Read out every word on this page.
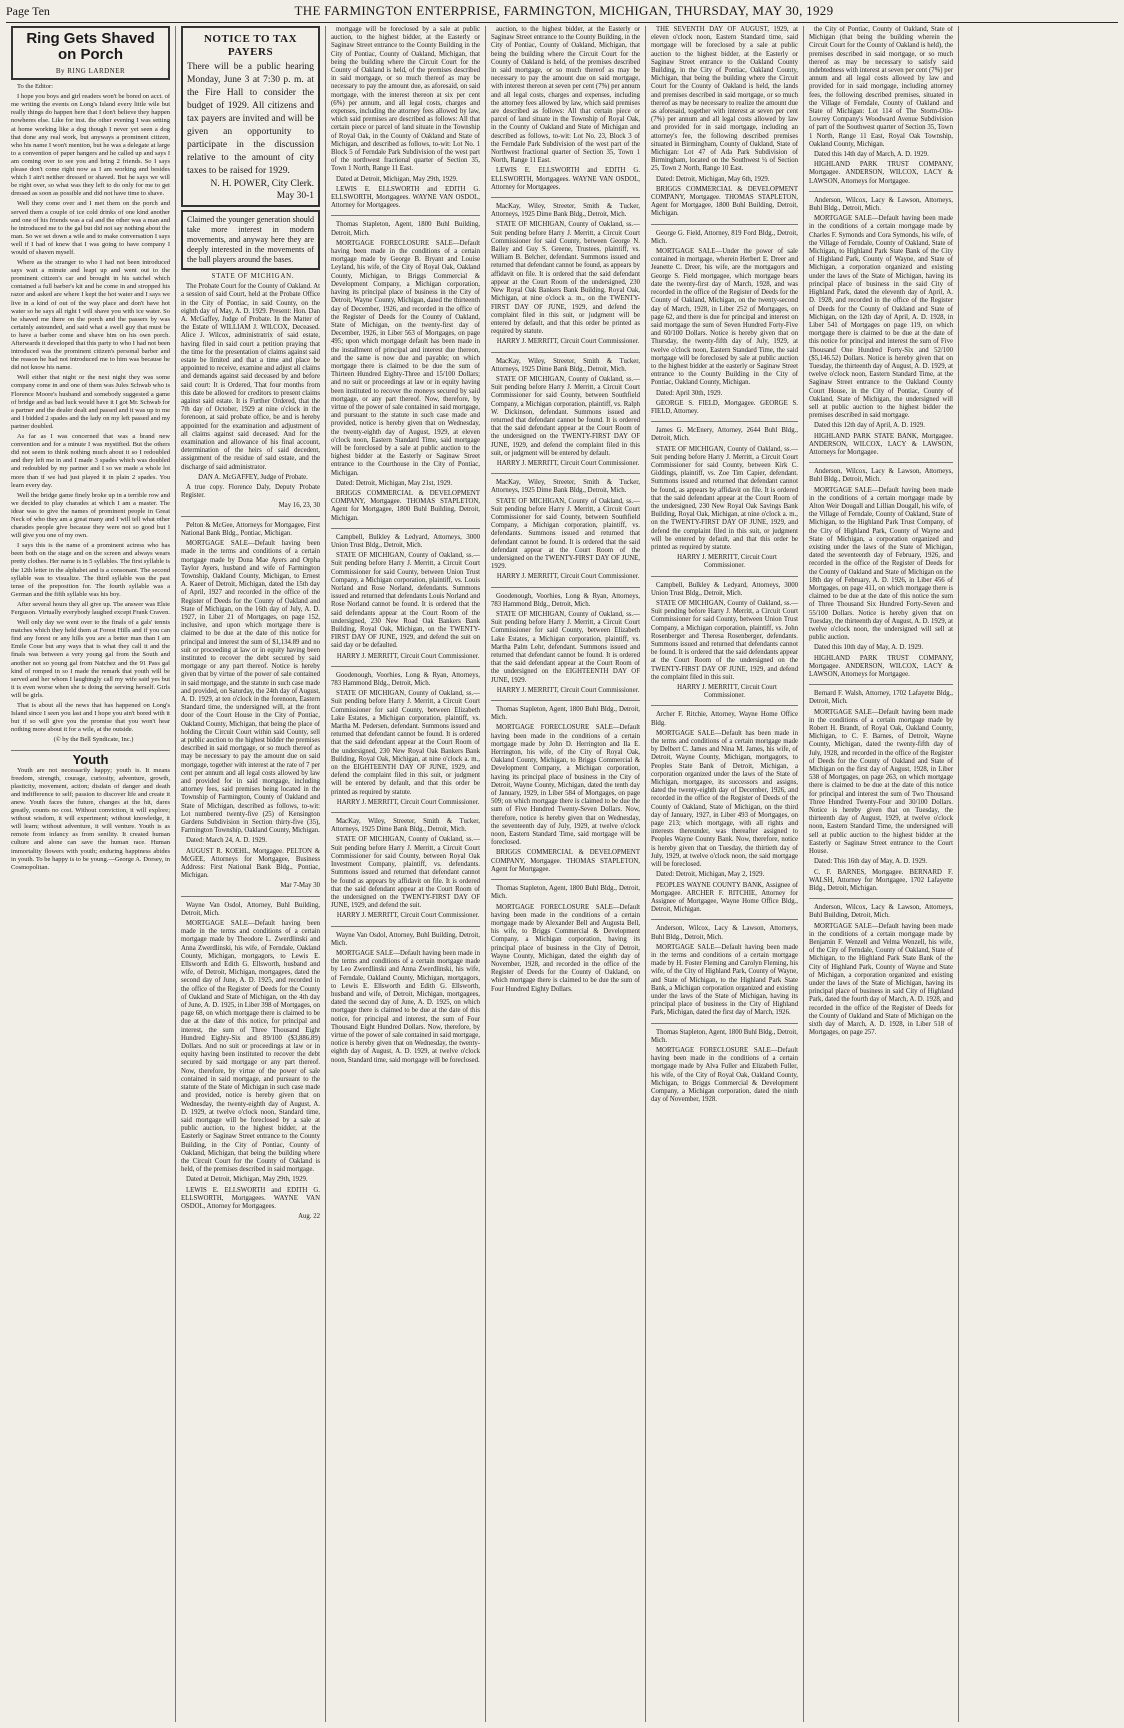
Page Ten	THE FARMINGTON ENTERPRISE, FARMINGTON, MICHIGAN, THURSDAY, MAY 30, 1929
Ring Gets Shaved on Porch
By RING LARDNER

To the Editor:

I hope you boys and girl readers won't be bored on acct. of me writing the events on Long's Island every little wile but really things do happen here that I don't believe they happen nowheres else. Like for inst. the other evening I was setting at home working like a dog though I never yet seen a dog that done any real work, but anyways a prominent citizen, who his name I won't mention, but he was a delegate at large to a convention of paper hangers and he called up and says I am coming over to see you and bring 2 friends. So I says please don't come right now as I am working and besides which I ain't neither dressed or shaved. But he says we will be right over, so what was they left to do only for me to get dressed as soon as possible and did not have time to shave.

Well they come over and I met them on the porch and served them a couple of ice cold drinks of one kind another and one of his friends was a cal and the other was a man and he introduced me to the gal but did not say nothing about the man. So we set down a wile and to make conversation I says well if I had of knew that I was going to have company I would of shaven myself.

Where as the stranger to who I had not been introduced says wait a minute and leapt up and went out to the prominent citizen's car and brought in his satchel which contained a full barber's kit and he come in and stropped his razor and asked are where I kept the hot water and I says we live in a kind of out of the way place and don't have hot water so he says all right I will shave you with ice water. So he shaved me there on the porch and the passers by was certainly astounded, and said what a swell guy that must be to have a barber come and shave him on his own porch. Afterwards it developed that this party to who I had not been introduced was the prominent citizen's personal barber and the reason he had not introduced me to him was because he did not know his name.

Well either that night or the next night they was some company come in and one of them was Jules Schwab who is Florence Moore's husband and somebody suggested a game of bridge and as bad luck would have it I got Mr. Schwab for a partner and the dealer dealt and passed and it was up to me and I bidded 2 spades and the lady on my left passed and my partner doubled.

As far as I was concerned that was a brand new convention and for a minute I was mystified. But the others did not seem to think nothing much about it so I redoubled and they left me in and I made 3 spades which was doubled and redoubled by my partner and I so we made a whole lot more than if we had just played it in plain 2 spades. You learn every day.

Well the bridge game finely broke up in a terrible row and we decided to play charades at which I am a master. The idear was to give the names of prominent people in Great Neck of who they am a great many and I will tell what other charades people give because they were not so good but I will give you one of my own.

I says this is the name of a prominent actress who has been both on the stage and on the screen and always wears pretty clothes. Her name is in 5 syllables. The first syllable is the 12th letter in the alphabet and is a consonant. The second syllable was to visualize. The third syllable was the past tense of the preposition for. The fourth syllable was a German and the fifth syllable was his boy.

After several hours they all give up. The answer was Elsie Ferguson. Virtually everybody laughed except Frank Craven.

Well only day we went over to the finals of a gals' tennis matches which they held them at Forest Hills and if you can find any forest or any hills you are a better man than I am Emile Coue but any ways that is what they call it and the finals was between a very young gal from the South and another not so young gal from Natchez and the 91 Pass gal kind of romped in so I made the remark that youth will be served and her whom I laughingly call my wife said yes but it is even worse when she is doing the serving herself. Girls will be girls.

That is about all the news that has happened on Long's Island since I seen you last and I hope you ain't bored with it but if so will give you the promise that you won't hear nothing more about it for a wile, at the outside.

(© by the Bell Syndicate, Inc.)

Youth

Youth are not necessarily happy; youth is. It means freedom, strength, courage, curiosity, adventure, growth, plasticity, movement, action; disdain of danger and death and indifference to self; passion to discover life and create it anew. Youth faces the future, changes at the hit, dares greatly, counts no cost. Without conviction, it will explore; without wisdom, it will experiment; without knowledge, it will learn; without adventure, it will venture. Youth is as remote from infancy as from senility. It created human culture and alone can save the human race. Human immortality flowers with youth; enduring happiness abides in youth. To be happy is to be young.—George A. Dorsey, in Cosmopolitan.

NOTICE TO TAX PAYERS
There will be a public hearing Monday, June 3 at 7:30 p. m. at the Fire Hall to consider the budget of 1929. All citizens and tax payers are invited and will be given an opportunity to participate in the discussion relative to the amount of city taxes to be raised for 1929.
N. H. POWER, City Clerk.
May 30-1
Claimed the younger generation should take more interest in modern movements, and anyway here they are deeply interested in the movements of the ball players around the bases.

STATE OF MICHIGAN.

The Probate Court for the County of Oakland. At a session of said Court, held at the Probate Office in the City of Pontiac, in said County, on the eighth day of May, A. D. 1929. Present: Hon. Dan A. McGaffey, Judge of Probate. In the Matter of the Estate of WILLIAM J. WILCOX, Deceased. Alice J. Wilcox, administratrix of said estate, having filed in said court a petition praying that the time for the presentation of claims against said estate be limited and that a time and place be appointed to receive, examine and adjust all claims and demands against said deceased by and before said court: It is Ordered, That four months from this date be allowed for creditors to present claims against said estate. It is Further Ordered, that the 7th day of October, 1929 at nine o'clock in the forenoon, at said probate office, be and is hereby appointed for the examination and adjustment of all claims against said deceased. And for the examination and allowance of his final account, determination of the heirs of said decedent, assignment of the residue of said estate, and the discharge of said administrator.

DAN A. McGAFFEY, Judge of Probate.

A true copy. Florence Daly, Deputy Probate Register.

May 16, 23, 30

Pelton & McGee, Attorneys for Mortgagee, First National Bank Bldg., Pontiac, Michigan.

MORTGAGE SALE—Default having been made in the terms and conditions of a certain mortgage made by Dona Mae Ayers and Orpha Taylor Ayers, husband and wife of Farmington Township, Oakland County, Michigan, to Ernest A. Kaeer of Detroit, Michigan, dated the 15th day of April, 1927 and recorded in the office of the Register of Deeds for the County of Oakland and State of Michigan, on the 16th day of July, A. D. 1927, in Liber 21 of Mortgages, on page 152, inclusive, and upon which mortgage there is claimed to be due at the date of this notice for principal and interest the sum of $1,134.89 and no suit or proceeding at law or in equity having been instituted to recover the debt secured by said mortgage or any part thereof. Notice is hereby given that by virtue of the power of sale contained in said mortgage, and the statute in such case made and provided, on Saturday, the 24th day of August, A. D. 1929, at ten o'clock in the forenoon, Eastern Standard time, the undersigned will, at the front door of the Court House in the City of Pontiac, Oakland County, Michigan, that being the place of holding the Circuit Court within said County, sell at public auction to the highest bidder the premises described in said mortgage, or so much thereof as may be necessary to pay the amount due on said mortgage, together with interest at the rate of 7 per cent per annum and all legal costs allowed by law and provided for in said mortgage, including attorney fees, said premises being located in the Township of Farmington, County of Oakland and State of Michigan, described as follows, to-wit: Lot numbered twenty-five (25) of Kensington Gardens Subdivision in Section thirty-five (35), Farmington Township, Oakland County, Michigan.

Dated: March 24, A. D. 1929.

AUGUST R. KOEHL, Mortgagee. PELTON & McGEE, Attorneys for Mortgagee, Business Address: First National Bank Bldg., Pontiac, Michigan.

Mar 7-May 30

Wayne Van Osdol, Attorney, Buhl Building, Detroit, Mich.

MORTGAGE SALE—Default having been made in the terms and conditions of a certain mortgage made by Theodore L. Zwerdlinski and Anna Zwerdlinski, his wife, of Ferndale, Oakland County, Michigan, mortgagors, to Lewis E. Ellsworth and Edith G. Ellsworth, husband and wife, of Detroit, Michigan, mortgagees, dated the second day of June, A. D. 1925, and recorded in the office of the Register of Deeds for the County of Oakland and State of Michigan, on the 4th day of June, A. D. 1925, in Liber 398 of Mortgages, on page 68, on which mortgage there is claimed to be due at the date of this notice, for principal and interest, the sum of Three Thousand Eight Hundred Eighty-Six and 89/100 ($3,886.89) Dollars. And no suit or proceedings at law or in equity having been instituted to recover the debt secured by said mortgage or any part thereof. Now, therefore, by virtue of the power of sale contained in said mortgage, and pursuant to the statute of the State of Michigan in such case made and provided, notice is hereby given that on Wednesday, the twenty-eighth day of August, A. D. 1929, at twelve o'clock noon, Standard time, said mortgage will be foreclosed by a sale at public auction, to the highest bidder, at the Easterly or Saginaw Street entrance to the County Building, in the City of Pontiac, County of Oakland, Michigan, that being the building where the Circuit Court for the County of Oakland is held, of the premises described in said mortgage.

Dated at Detroit, Michigan, May 29th, 1929.

LEWIS E. ELLSWORTH and EDITH G. ELLSWORTH, Mortgagees. WAYNE VAN OSDOL, Attorney for Mortgagees.

Aug. 22

mortgage will be foreclosed by a sale at public auction, to the highest bidder, at the Easterly or Saginaw Street entrance to the County Building in the City of Pontiac, County of Oakland, Michigan, that being the building where the Circuit Court for the County of Oakland is held, of the premises described in said mortgage, or so much thereof as may be necessary to pay the amount due, as aforesaid, on said mortgage, with the interest thereon at six per cent (6%) per annum, and all legal costs, charges and expenses, including the attorney fees allowed by law, which said premises are described as follows: All that certain piece or parcel of land situate in the Township of Royal Oak, in the County of Oakland and State of Michigan, and described as follows, to-wit: Lot No. 1 Block 5 of Ferndale Park Subdivision of the west part of the northwest fractional quarter of Section 35, Town 1 North, Range 11 East.

Dated at Detroit, Michigan, May 29th, 1929.

LEWIS E. ELLSWORTH and EDITH G. ELLSWORTH, Mortgagees. WAYNE VAN OSDOL, Attorney for Mortgagees.

Thomas Stapleton, Agent, 1800 Buhl Building, Detroit, Mich.

MORTGAGE FORECLOSURE SALE—Default having been made in the conditions of a certain mortgage made by George B. Bryant and Louise Leyland, his wife, of the City of Royal Oak, Oakland County, Michigan, to Briggs Commercial & Development Company, a Michigan corporation, having its principal place of business in the City of Detroit, Wayne County, Michigan, dated the thirteenth day of December, 1926, and recorded in the office of the Register of Deeds for the County of Oakland, State of Michigan, on the twenty-first day of December, 1926, in Liber 563 of Mortgages, on page 495; upon which mortgage default has been made in the installment of principal and interest due thereon, and the same is now due and payable; on which mortgage there is claimed to be due the sum of Thirteen Hundred Eighty-Three and 15/100 Dollars; and no suit or proceedings at law or in equity having been instituted to recover the moneys secured by said mortgage, or any part thereof. Now, therefore, by virtue of the power of sale contained in said mortgage, and pursuant to the statute in such case made and provided, notice is hereby given that on Wednesday, the twenty-eighth day of August, 1929, at eleven o'clock noon, Eastern Standard Time, said mortgage will be foreclosed by a sale at public auction to the highest bidder at the Easterly or Saginaw Street entrance to the Courthouse in the City of Pontiac, Michigan.

Dated: Detroit, Michigan, May 21st, 1929.

BRIGGS COMMERCIAL & DEVELOPMENT COMPANY, Mortgagee. THOMAS STAPLETON, Agent for Mortgagee, 1800 Buhl Building, Detroit, Michigan.

Campbell, Bulkley & Ledyard, Attorneys, 3000 Union Trust Bldg., Detroit, Mich.

STATE OF MICHIGAN, County of Oakland, ss.—Suit pending before Harry J. Merritt, a Circuit Court Commissioner for said County, between Union Trust Company, a Michigan corporation, plaintiff, vs. Louis Norland and Rose Norland, defendants. Summons issued and returned that defendants Louis Norland and Rose Norland cannot be found. It is ordered that the said defendants appear at the Court Room of the undersigned, 230 New Road Oak Bankers Bank Building, Royal Oak, Michigan, on the TWENTY-FIRST DAY OF JUNE, 1929, and defend the suit on said day or be defaulted.

HARRY J. MERRITT, Circuit Court Commissioner.

Goodenough, Voorhies, Long & Ryan, Attorneys, 783 Hammond Bldg., Detroit, Mich.

STATE OF MICHIGAN, County of Oakland, ss.—Suit pending before Harry J. Merritt, a Circuit Court Commissioner for said County, between Elizabeth Lake Estates, a Michigan corporation, plaintiff, vs. Martha M. Pedersen, defendant. Summons issued and returned that defendant cannot be found. It is ordered that the said defendant appear at the Court Room of the undersigned, 230 New Royal Oak Bankers Bank Building, Royal Oak, Michigan, at nine o'clock a. m., on the EIGHTEENTH DAY OF JUNE, 1929, and defend the complaint filed in this suit, or judgment will be entered by default, and that this order be printed as required by statute.

HARRY J. MERRITT, Circuit Court Commissioner.

MacKay, Wiley, Streeter, Smith & Tucker, Attorneys, 1925 Dime Bank Bldg., Detroit, Mich.

STATE OF MICHIGAN, County of Oakland, ss.—Suit pending before Harry J. Merritt, a Circuit Court Commissioner for said County, between Royal Oak Investment Company, plaintiff, vs. defendants. Summons issued and returned that defendant cannot be found as appears by affidavit on file. It is ordered that the said defendant appear at the Court Room of the undersigned on the TWENTY-FIRST DAY OF JUNE, 1929, and defend the suit.

HARRY J. MERRITT, Circuit Court Commissioner.

Wayne Van Osdol, Attorney, Buhl Building, Detroit, Mich.

MORTGAGE SALE—Default having been made in the terms and conditions of a certain mortgage made by Leo Zwerdlinski and Anna Zwerdlinski, his wife, of Ferndale, Oakland County, Michigan, mortgagors, to Lewis E. Ellsworth and Edith G. Ellsworth, husband and wife, of Detroit, Michigan, mortgagees, dated the second day of June, A. D. 1925, on which mortgage there is claimed to be due at the date of this notice, for principal and interest, the sum of Four Thousand Eight Hundred Dollars. Now, therefore, by virtue of the power of sale contained in said mortgage, notice is hereby given that on Wednesday, the twenty-eighth day of August, A. D. 1929, at twelve o'clock noon, Standard time, said mortgage will be foreclosed.

auction, to the highest bidder, at the Easterly or Saginaw Street entrance to the County Building, in the City of Pontiac, County of Oakland, Michigan, that being the building where the Circuit Court for the County of Oakland is held, of the premises described in said mortgage, or so much thereof as may be necessary to pay the amount due on said mortgage, with interest thereon at seven per cent (7%) per annum and all legal costs, charges and expenses, including the attorney fees allowed by law, which said premises are described as follows: All that certain piece or parcel of land situate in the Township of Royal Oak, in the County of Oakland and State of Michigan and described as follows, to-wit: Lot No. 23, Block 3 of the Ferndale Park Subdivision of the west part of the Northwest fractional quarter of Section 35, Town 1 North, Range 11 East.

LEWIS E. ELLSWORTH and EDITH G. ELLSWORTH, Mortgagees. WAYNE VAN OSDOL, Attorney for Mortgagees.

MacKay, Wiley, Streeter, Smith & Tucker, Attorneys, 1925 Dime Bank Bldg., Detroit, Mich.

STATE OF MICHIGAN, County of Oakland, ss.—Suit pending before Harry J. Merritt, a Circuit Court Commissioner for said County, between George N. Bailey and Guy S. Greene, Trustees, plaintiff, vs. William B. Belcher, defendant. Summons issued and returned that defendant cannot be found, as appears by affidavit on file. It is ordered that the said defendant appear at the Court Room of the undersigned, 230 New Royal Oak Bankers Bank Building, Royal Oak, Michigan, at nine o'clock a. m., on the TWENTY-FIRST DAY OF JUNE, 1929, and defend the complaint filed in this suit, or judgment will be entered by default, and that this order be printed as required by statute.

HARRY J. MERRITT, Circuit Court Commissioner.

MacKay, Wiley, Streeter, Smith & Tucker, Attorneys, 1925 Dime Bank Bldg., Detroit, Mich.

STATE OF MICHIGAN, County of Oakland, ss.—Suit pending before Harry J. Merritt, a Circuit Court Commissioner for said County, between Southfield Company, a Michigan corporation, plaintiff, vs. Ralph W. Dickinson, defendant. Summons issued and returned that defendant cannot be found. It is ordered that the said defendant appear at the Court Room of the undersigned on the TWENTY-FIRST DAY OF JUNE, 1929, and defend the complaint filed in this suit, or judgment will be entered by default.

HARRY J. MERRITT, Circuit Court Commissioner.

MacKay, Wiley, Streeter, Smith & Tucker, Attorneys, 1925 Dime Bank Bldg., Detroit, Mich.

STATE OF MICHIGAN, County of Oakland, ss.—Suit pending before Harry J. Merritt, a Circuit Court Commissioner for said County, between Southfield Company, a Michigan corporation, plaintiff, vs. defendants. Summons issued and returned that defendant cannot be found. It is ordered that the said defendant appear at the Court Room of the undersigned on the TWENTY-FIRST DAY OF JUNE, 1929.

HARRY J. MERRITT, Circuit Court Commissioner.

Goodenough, Voorhies, Long & Ryan, Attorneys, 783 Hammond Bldg., Detroit, Mich.

STATE OF MICHIGAN, County of Oakland, ss.—Suit pending before Harry J. Merritt, a Circuit Court Commissioner for said County, between Elizabeth Lake Estates, a Michigan corporation, plaintiff, vs. Martha Palm Lehr, defendant. Summons issued and returned that defendant cannot be found. It is ordered that the said defendant appear at the Court Room of the undersigned on the EIGHTEENTH DAY OF JUNE, 1929.

HARRY J. MERRITT, Circuit Court Commissioner.

Thomas Stapleton, Agent, 1800 Buhl Bldg., Detroit, Mich.

MORTGAGE FORECLOSURE SALE—Default having been made in the conditions of a certain mortgage made by John D. Herrington and Ila E. Herrington, his wife, of the City of Royal Oak, Oakland County, Michigan, to Briggs Commercial & Development Company, a Michigan corporation, having its principal place of business in the City of Detroit, Wayne County, Michigan, dated the tenth day of January, 1929, in Liber 584 of Mortgages, on page 509; on which mortgage there is claimed to be due the sum of Five Hundred Twenty-Seven Dollars. Now, therefore, notice is hereby given that on Wednesday, the seventeenth day of July, 1929, at twelve o'clock noon, Eastern Standard Time, said mortgage will be foreclosed.

BRIGGS COMMERCIAL & DEVELOPMENT COMPANY, Mortgagee. THOMAS STAPLETON, Agent for Mortgagee.

Thomas Stapleton, Agent, 1800 Buhl Bldg., Detroit, Mich.

MORTGAGE FORECLOSURE SALE—Default having been made in the conditions of a certain mortgage made by Alexander Bell and Augusta Bell, his wife, to Briggs Commercial & Development Company, a Michigan corporation, having its principal place of business in the City of Detroit, Wayne County, Michigan, dated the eighth day of November, 1928, and recorded in the office of the Register of Deeds for the County of Oakland, on which mortgage there is claimed to be due the sum of Four Hundred Eighty Dollars.

THE SEVENTH DAY OF AUGUST, 1929, at eleven o'clock noon, Eastern Standard time, said mortgage will be foreclosed by a sale at public auction to the highest bidder, at the Easterly or Saginaw Street entrance to the Oakland County Building, in the City of Pontiac, Oakland County, Michigan, that being the building where the Circuit Court for the County of Oakland is held, the lands and premises described in said mortgage, or so much thereof as may be necessary to realize the amount due as aforesaid, together with interest at seven per cent (7%) per annum and all legal costs allowed by law and provided for in said mortgage, including an attorney's fee, the following described premises situated in Birmingham, County of Oakland, State of Michigan: Lot 47 of Ada Park Subdivision of Birmingham, located on the Southwest ¼ of Section 25, Town 2 North, Range 10 East.

Dated: Detroit, Michigan, May 6th, 1929.

BRIGGS COMMERCIAL & DEVELOPMENT COMPANY, Mortgagee. THOMAS STAPLETON, Agent for Mortgagee, 1800 Buhl Building, Detroit, Michigan.

George G. Field, Attorney, 819 Ford Bldg., Detroit, Mich.

MORTGAGE SALE—Under the power of sale contained in mortgage, wherein Herbert E. Dreer and Jeanette C. Dreer, his wife, are the mortgagors and George S. Field mortgagee, which mortgage bears date the twenty-first day of March, 1928, and was recorded in the office of the Register of Deeds for the County of Oakland, Michigan, on the twenty-second day of March, 1928, in Liber 252 of Mortgages, on page 62, and there is due for principal and interest on said mortgage the sum of Seven Hundred Forty-Five and 60/100 Dollars. Notice is hereby given that on Thursday, the twenty-fifth day of July, 1929, at twelve o'clock noon, Eastern Standard Time, the said mortgage will be foreclosed by sale at public auction to the highest bidder at the easterly or Saginaw Street entrance to the County Building in the City of Pontiac, Oakland County, Michigan.

Dated: April 30th, 1929.

GEORGE S. FIELD, Mortgagee. GEORGE S. FIELD, Attorney.

James G. McEnery, Attorney, 2644 Buhl Bldg., Detroit, Mich.

STATE OF MICHIGAN, County of Oakland, ss.—Suit pending before Harry J. Merritt, a Circuit Court Commissioner for said County, between Kirk C. Giddings, plaintiff, vs. Zoe Tim Capier, defendant. Summons issued and returned that defendant cannot be found, as appears by affidavit on file. It is ordered that the said defendant appear at the Court Room of the undersigned, 230 New Royal Oak Savings Bank Building, Royal Oak, Michigan, at nine o'clock a. m., on the TWENTY-FIRST DAY OF JUNE, 1929, and defend the complaint filed in this suit, or judgment will be entered by default, and that this order be printed as required by statute.

HARRY J. MERRITT, Circuit Court Commissioner.

Campbell, Bulkley & Ledyard, Attorneys, 3000 Union Trust Bldg., Detroit, Mich.

STATE OF MICHIGAN, County of Oakland, ss.—Suit pending before Harry J. Merritt, a Circuit Court Commissioner for said County, between Union Trust Company, a Michigan corporation, plaintiff, vs. John Rosenberger and Theresa Rosenberger, defendants. Summons issued and returned that defendants cannot be found. It is ordered that the said defendants appear at the Court Room of the undersigned on the TWENTY-FIRST DAY OF JUNE, 1929, and defend the complaint filed in this suit.

HARRY J. MERRITT, Circuit Court Commissioner.

Archer F. Ritchie, Attorney, Wayne Home Office Bldg.

MORTGAGE SALE—Default has been made in the terms and conditions of a certain mortgage made by Delbert C. James and Nina M. James, his wife, of Detroit, Wayne County, Michigan, mortgagors, to Peoples State Bank of Detroit, Michigan, a corporation organized under the laws of the State of Michigan, mortgagee, its successors and assigns, dated the twenty-eighth day of December, 1926, and recorded in the office of the Register of Deeds of the County of Oakland, State of Michigan, on the third day of January, 1927, in Liber 493 of Mortgages, on page 213; which mortgage, with all rights and interests thereunder, was thereafter assigned to Peoples Wayne County Bank. Now, therefore, notice is hereby given that on Tuesday, the thirtieth day of July, 1929, at twelve o'clock noon, the said mortgage will be foreclosed.

Dated: Detroit, Michigan, May 2, 1929.

PEOPLES WAYNE COUNTY BANK, Assignee of Mortgagee. ARCHER F. RITCHIE, Attorney for Assignee of Mortgagee, Wayne Home Office Bldg., Detroit, Michigan.

Anderson, Wilcox, Lacy & Lawson, Attorneys, Buhl Bldg., Detroit, Mich.

MORTGAGE SALE—Default having been made in the terms and conditions of a certain mortgage made by H. Foster Fleming and Carolyn Fleming, his wife, of the City of Highland Park, County of Wayne, and State of Michigan, to the Highland Park State Bank, a Michigan corporation organized and existing under the laws of the State of Michigan, having its principal place of business in the City of Highland Park, Michigan, dated the first day of March, 1926.

Thomas Stapleton, Agent, 1800 Buhl Bldg., Detroit, Mich.

MORTGAGE FORECLOSURE SALE—Default having been made in the conditions of a certain mortgage made by Alva Fuller and Elizabeth Fuller, his wife, of the City of Royal Oak, Oakland County, Michigan, to Briggs Commercial & Development Company, a Michigan corporation, dated the ninth day of November, 1928.

the City of Pontiac, County of Oakland, State of Michigan (that being the building wherein the Circuit Court for the County of Oakland is held), the premises described in said mortgage, or so much thereof as may be necessary to satisfy said indebtedness with interest at seven per cent (7%) per annum and all legal costs allowed by law and provided for in said mortgage, including attorney fees, the following described premises, situated in the Village of Ferndale, County of Oakland and State of Michigan: Lot 114 of The Storm-Otis-Lowrey Company's Woodward Avenue Subdivision of part of the Southwest quarter of Section 35, Town 1 North, Range 11 East, Royal Oak Township, Oakland County, Michigan.

Dated this 14th day of March, A. D. 1929.

HIGHLAND PARK TRUST COMPANY, Mortgagee. ANDERSON, WILCOX, LACY & LAWSON, Attorneys for Mortgagee.

Anderson, Wilcox, Lacy & Lawson, Attorneys, Buhl Bldg., Detroit, Mich.

MORTGAGE SALE—Default having been made in the conditions of a certain mortgage made by Charles F. Symonds and Cora Symonds, his wife, of the Village of Ferndale, County of Oakland, State of Michigan, to Highland Park State Bank of the City of Highland Park, County of Wayne, and State of Michigan, a corporation organized and existing under the laws of the State of Michigan, having its principal place of business in the said City of Highland Park, dated the eleventh day of April, A. D. 1928, and recorded in the office of the Register of Deeds for the County of Oakland and State of Michigan, on the 12th day of April, A. D. 1928, in Liber 541 of Mortgages on page 119, on which mortgage there is claimed to be due at the date of this notice for principal and interest the sum of Five Thousand One Hundred Forty-Six and 52/100 ($5,146.52) Dollars. Notice is hereby given that on Tuesday, the thirteenth day of August, A. D. 1929, at twelve o'clock noon, Eastern Standard Time, at the Saginaw Street entrance to the Oakland County Court House, in the City of Pontiac, County of Oakland, State of Michigan, the undersigned will sell at public auction to the highest bidder the premises described in said mortgage.

Dated this 12th day of April, A. D. 1929.

HIGHLAND PARK STATE BANK, Mortgagee. ANDERSON, WILCOX, LACY & LAWSON, Attorneys for Mortgagee.

Anderson, Wilcox, Lacy & Lawson, Attorneys, Buhl Bldg., Detroit, Mich.

MORTGAGE SALE—Default having been made in the conditions of a certain mortgage made by Alton Weir Dougall and Lillian Dougall, his wife, of the Village of Ferndale, County of Oakland, State of Michigan, to the Highland Park Trust Company, of the City of Highland Park, County of Wayne and State of Michigan, a corporation organized and existing under the laws of the State of Michigan, dated the seventeenth day of February, 1926, and recorded in the office of the Register of Deeds for the County of Oakland and State of Michigan on the 18th day of February, A. D. 1926, in Liber 456 of Mortgages, on page 411, on which mortgage there is claimed to be due at the date of this notice the sum of Three Thousand Six Hundred Forty-Seven and 55/100 Dollars. Notice is hereby given that on Tuesday, the thirteenth day of August, A. D. 1929, at twelve o'clock noon, the undersigned will sell at public auction.

Dated this 10th day of May, A. D. 1929.

HIGHLAND PARK TRUST COMPANY, Mortgagee. ANDERSON, WILCOX, LACY & LAWSON, Attorneys for Mortgagee.

Bernard F. Walsh, Attorney, 1702 Lafayette Bldg., Detroit, Mich.

MORTGAGE SALE—Default having been made in the conditions of a certain mortgage made by Robert H. Brandt, of Royal Oak, Oakland County, Michigan, to C. F. Barnes, of Detroit, Wayne County, Michigan, dated the twenty-fifth day of July, 1928, and recorded in the office of the Register of Deeds for the County of Oakland and State of Michigan on the first day of August, 1928, in Liber 538 of Mortgages, on page 263, on which mortgage there is claimed to be due at the date of this notice for principal and interest the sum of Two Thousand Three Hundred Twenty-Four and 30/100 Dollars. Notice is hereby given that on Tuesday, the thirteenth day of August, 1929, at twelve o'clock noon, Eastern Standard Time, the undersigned will sell at public auction to the highest bidder at the Easterly or Saginaw Street entrance to the Court House.

Dated: This 16th day of May, A. D. 1929.

C. F. BARNES, Mortgagee. BERNARD F. WALSH, Attorney for Mortgagee, 1702 Lafayette Bldg., Detroit, Michigan.

Anderson, Wilcox, Lacy & Lawson, Attorneys, Buhl Building, Detroit, Mich.

MORTGAGE SALE—Default having been made in the conditions of a certain mortgage made by Benjamin F. Wenzell and Velma Wenzell, his wife, of the City of Ferndale, County of Oakland, State of Michigan, to the Highland Park State Bank of the City of Highland Park, County of Wayne and State of Michigan, a corporation organized and existing under the laws of the State of Michigan, having its principal place of business in said City of Highland Park, dated the fourth day of March, A. D. 1928, and recorded in the office of the Register of Deeds for the County of Oakland and State of Michigan on the sixth day of March, A. D. 1928, in Liber 518 of Mortgages, on page 257.
